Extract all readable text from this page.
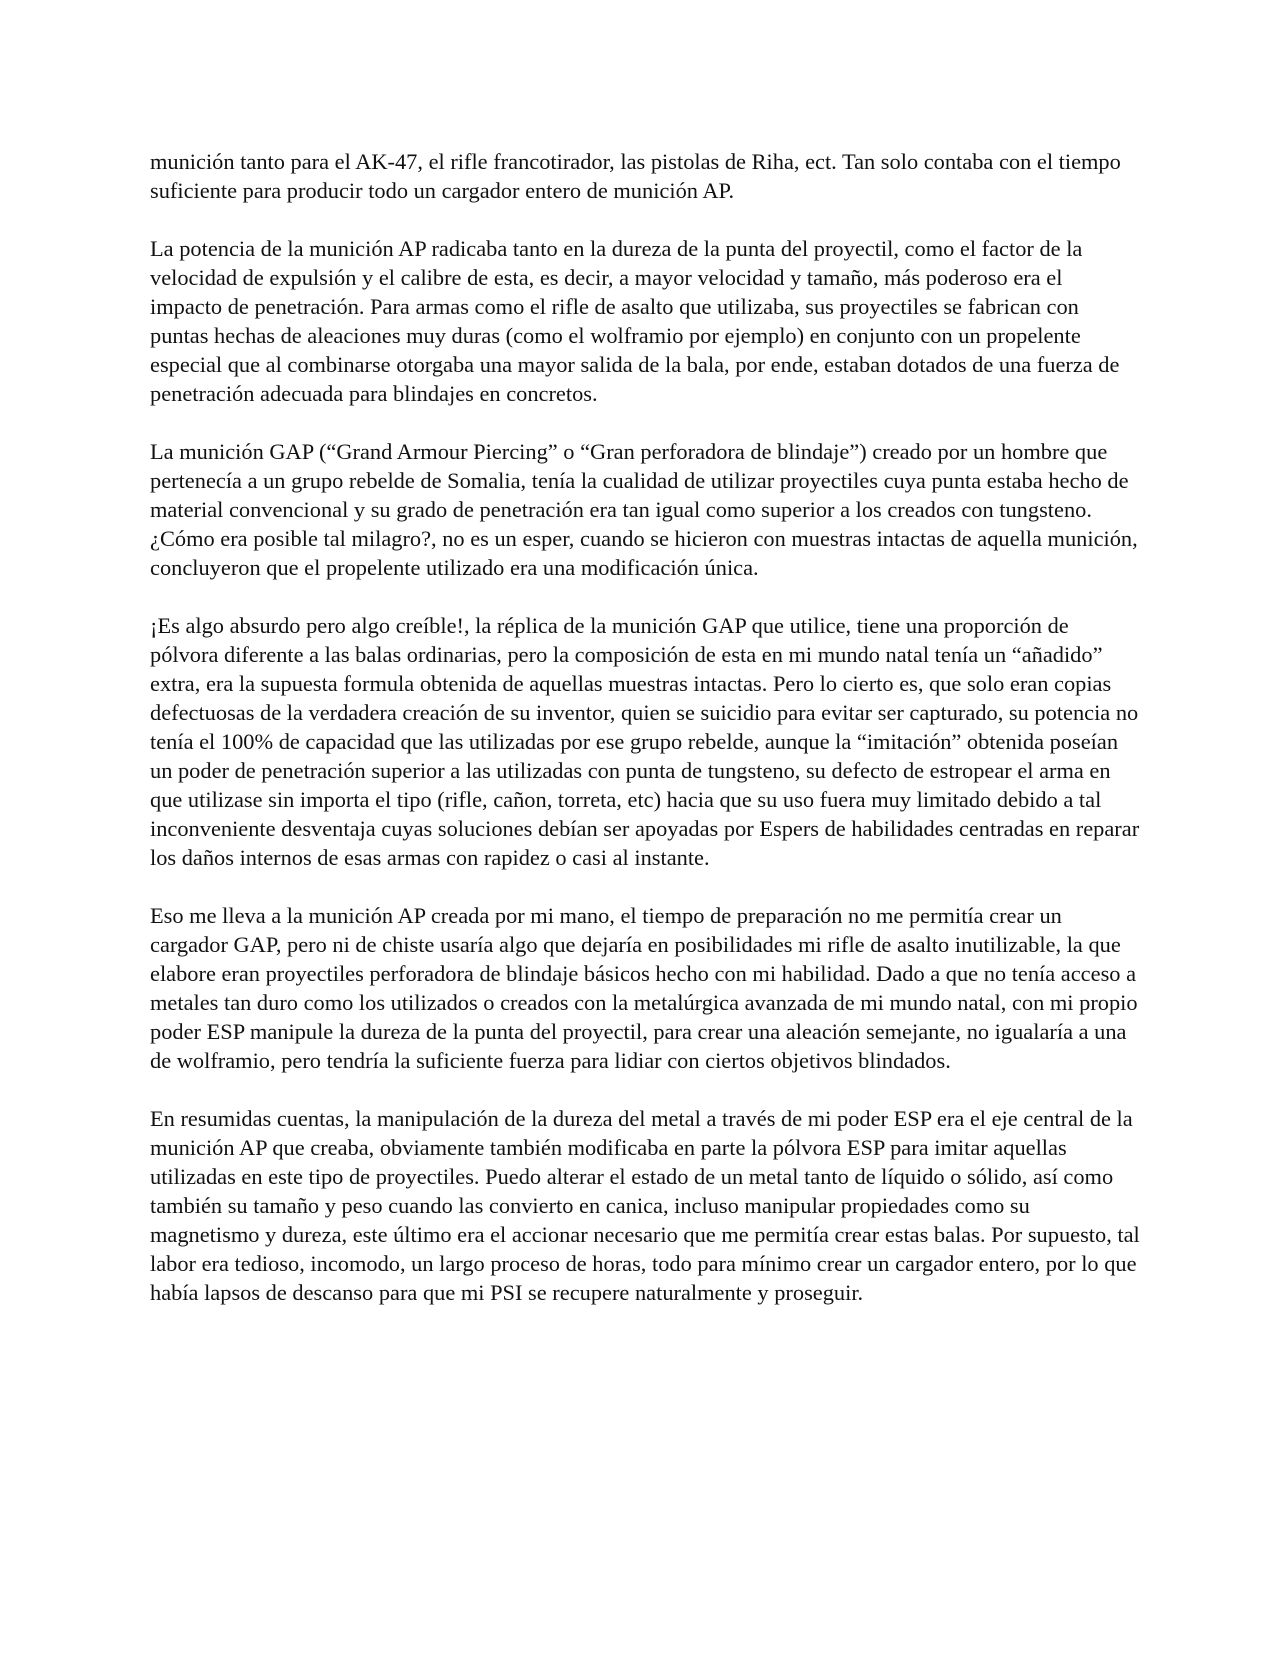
munición tanto para el AK-47, el rifle francotirador, las pistolas de Riha, ect. Tan solo contaba con el tiempo suficiente para producir todo un cargador entero de munición AP.

La potencia de la munición AP radicaba tanto en la dureza de la punta del proyectil, como el factor de la velocidad de expulsión y el calibre de esta, es decir, a mayor velocidad y tamaño, más poderoso era el impacto de penetración. Para armas como el rifle de asalto que utilizaba, sus proyectiles se fabrican con puntas hechas de aleaciones muy duras (como el wolframio por ejemplo) en conjunto con un propelente especial que al combinarse otorgaba una mayor salida de la bala, por ende, estaban dotados de una fuerza de penetración adecuada para blindajes en concretos.

La munición GAP (“Grand Armour Piercing” o “Gran perforadora de blindaje”) creado por un hombre que pertenecía a un grupo rebelde de Somalia, tenía la cualidad de utilizar proyectiles cuya punta estaba hecho de material convencional y su grado de penetración era tan igual como superior a los creados con tungsteno. ¿Cómo era posible tal milagro?, no es un esper, cuando se hicieron con muestras intactas de aquella munición, concluyeron que el propelente utilizado era una modificación única.

¡Es algo absurdo pero algo creíble!, la réplica de la munición GAP que utilice, tiene una proporción de pólvora diferente a las balas ordinarias, pero la composición de esta en mi mundo natal tenía un “añadido” extra, era la supuesta formula obtenida de aquellas muestras intactas. Pero lo cierto es, que solo eran copias defectuosas de la verdadera creación de su inventor, quien se suicidio para evitar ser capturado, su potencia no tenía el 100% de capacidad que las utilizadas por ese grupo rebelde, aunque la “imitación” obtenida poseían un poder de penetración superior a las utilizadas con punta de tungsteno, su defecto de estropear el arma en que utilizase sin importa el tipo (rifle, cañon, torreta, etc) hacia que su uso fuera muy limitado debido a tal inconveniente desventaja cuyas soluciones debían ser apoyadas por Espers de habilidades centradas en reparar los daños internos de esas armas con rapidez o casi al instante.

Eso me lleva a la munición AP creada por mi mano, el tiempo de preparación no me permitía crear un cargador GAP, pero ni de chiste usaría algo que dejaría en posibilidades mi rifle de asalto inutilizable, la que elabore eran proyectiles perforadora de blindaje básicos hecho con mi habilidad. Dado a que no tenía acceso a metales tan duro como los utilizados o creados con la metalúrgica avanzada de mi mundo natal, con mi propio poder ESP manipule la dureza de la punta del proyectil, para crear una aleación semejante, no igualaría a una de wolframio, pero tendría la suficiente fuerza para lidiar con ciertos objetivos blindados.

En resumidas cuentas, la manipulación de la dureza del metal a través de mi poder ESP era el eje central de la munición AP que creaba, obviamente también modificaba en parte la pólvora ESP para imitar aquellas utilizadas en este tipo de proyectiles. Puedo alterar el estado de un metal tanto de líquido o sólido, así como también su tamaño y peso cuando las convierto en canica, incluso manipular propiedades como su magnetismo y dureza, este último era el accionar necesario que me permitía crear estas balas. Por supuesto, tal labor era tedioso, incomodo, un largo proceso de horas, todo para mínimo crear un cargador entero, por lo que había lapsos de descanso para que mi PSI se recupere naturalmente y proseguir.
